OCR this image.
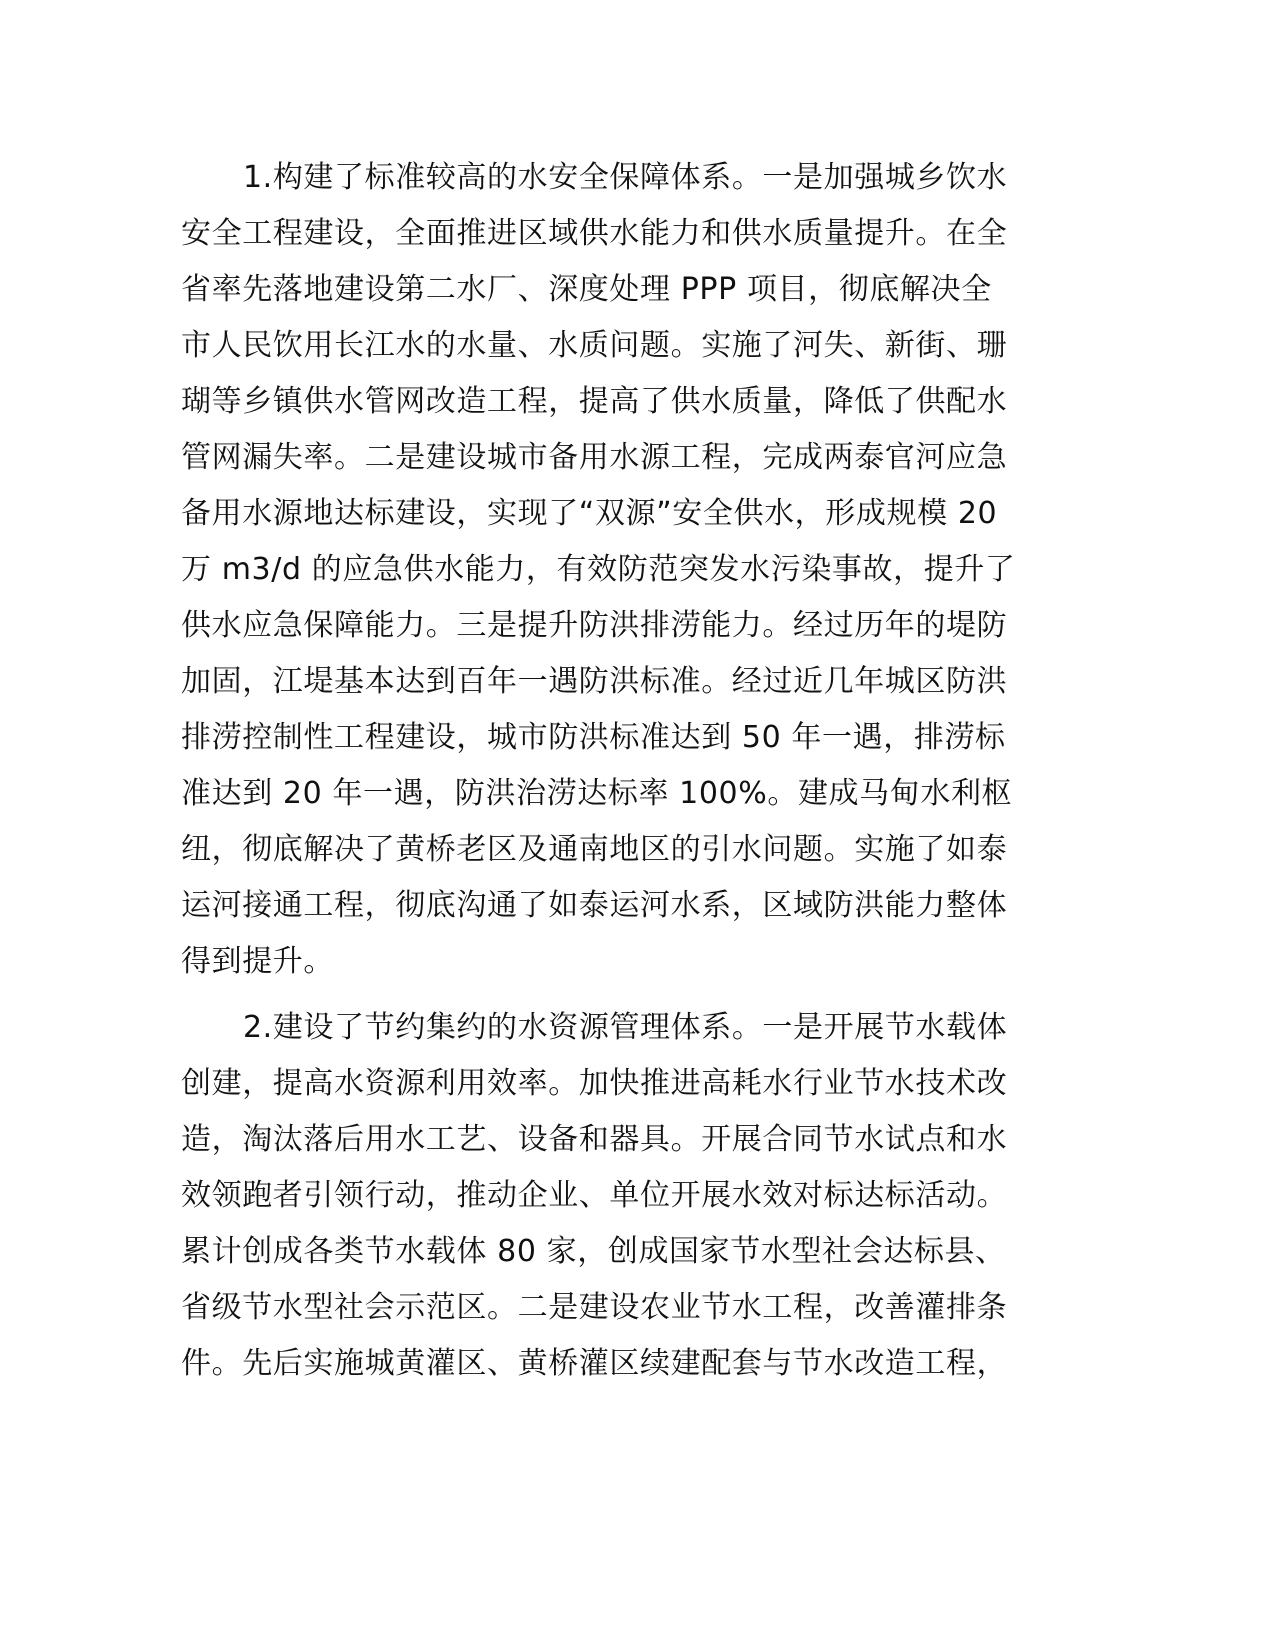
1.构建了标准较高的水安全保障体系。一是加强城乡饮水
安全工程建设，全面推进区域供水能力和供水质量提升。在全
省率先落地建设第二水厂、深度处理 PPP 项目，彻底解决全
市人民饮用长江水的水量、水质问题。实施了河失、新街、珊
瑚等乡镇供水管网改造工程，提高了供水质量，降低了供配水
管网漏失率。二是建设城市备用水源工程，完成两泰官河应急
备用水源地达标建设，实现了“双源”安全供水，形成规模 20
万 m3/d 的应急供水能力，有效防范突发水污染事故，提升了
供水应急保障能力。三是提升防洪排涝能力。经过历年的堤防
加固，江堤基本达到百年一遇防洪标准。经过近几年城区防洪
排涝控制性工程建设，城市防洪标准达到 50 年一遇，排涝标
准达到 20 年一遇，防洪治涝达标率 100%。建成马甸水利枢
纽，彻底解决了黄桥老区及通南地区的引水问题。实施了如泰
运河接通工程，彻底沟通了如泰运河水系，区域防洪能力整体
得到提升。
2.建设了节约集约的水资源管理体系。一是开展节水载体
创建，提高水资源利用效率。加快推进高耗水行业节水技术改
造，淘汰落后用水工艺、设备和器具。开展合同节水试点和水
效领跑者引领行动，推动企业、单位开展水效对标达标活动。
累计创成各类节水载体 80 家，创成国家节水型社会达标县、
省级节水型社会示范区。二是建设农业节水工程，改善灌排条
件。先后实施城黄灌区、黄桥灌区续建配套与节水改造工程，
